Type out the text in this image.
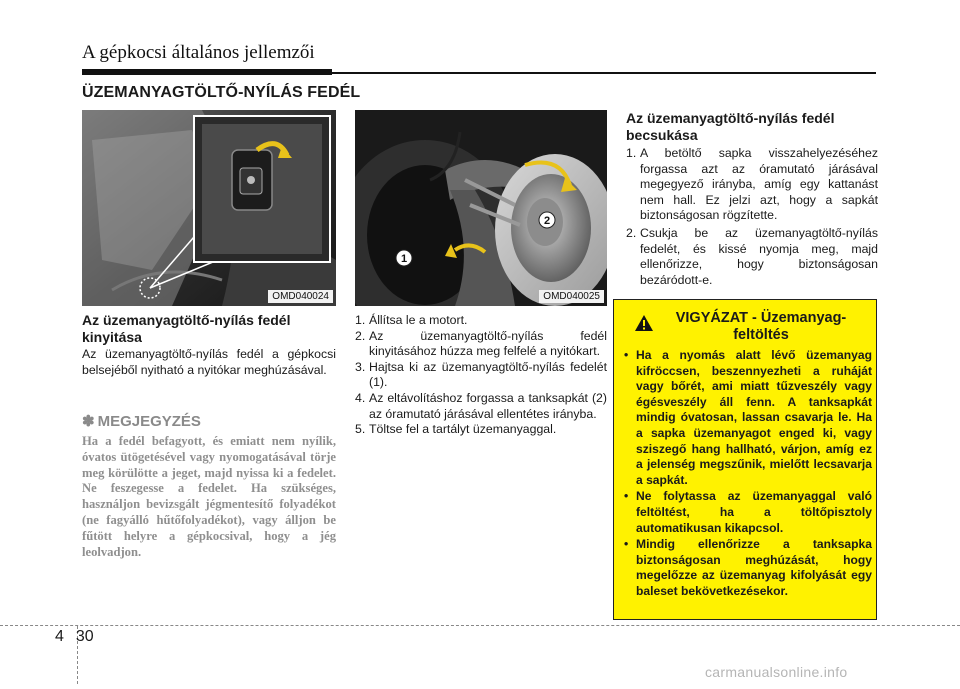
A gépkocsi általános jellemzői
ÜZEMANYAGTÖLTŐ-NYÍLÁS FEDÉL
OMD040024
1
2
OMD040025
Az üzemanyagtöltő-nyílás fedél kinyitása
Az üzemanyagtöltő-nyílás fedél a gépkocsi belsejéből nyitható a nyitókar meghúzásával.
✽ MEGJEGYZÉS
Ha a fedél befagyott, és emiatt nem nyílik, óvatos ütögetésével vagy nyomogatásával törje meg körülötte a jeget, majd nyissa ki a fedelet. Ne feszegesse a fedelet. Ha szükséges, használjon bevizsgált jégmentesítő folyadékot (ne fagyálló hűtőfolyadékot), vagy álljon be fűtött helyre a gépkocsival, hogy a jég leolvadjon.
1. Állítsa le a motort.
2. Az üzemanyagtöltő-nyílás fedél kinyitásához húzza meg felfelé a nyitókart.
3. Hajtsa ki az üzemanyagtöltő-nyílás fedelét (1).
4. Az eltávolításhoz forgassa a tanksapkát (2) az óramutató járásával ellentétes irányba.
5. Töltse fel a tartályt üzemanyaggal.
Az üzemanyagtöltő-nyílás fedél becsukása
1. A betöltő sapka visszahelyezéséhez forgassa azt az óramutató járásával megegyező irányba, amíg egy kattanást nem hall. Ez jelzi azt, hogy a sapkát biztonságosan rögzítette.
2. Csukja be az üzemanyagtöltő-nyílás fedelét, és kissé nyomja meg, majd ellenőrizze, hogy biztonságosan bezáródott-e.
VIGYÁZAT - Üzemanyag-feltöltés
• Ha a nyomás alatt lévő üzemanyag kifröccsen, beszennyezheti a ruháját vagy bőrét, ami miatt tűzveszély vagy égésveszély áll fenn. A tanksapkát mindig óvatosan, lassan csavarja le. Ha a sapka üzemanyagot enged ki, vagy sziszegő hang hallható, várjon, amíg ez a jelenség megszűnik, mielőtt lecsavarja a sapkát.
• Ne folytassa az üzemanyaggal való feltöltést, ha a töltőpisztoly automatikusan kikapcsol.
• Mindig ellenőrizze a tanksapka biztonságosan meghúzását, hogy megelőzze az üzemanyag kifolyását egy baleset bekövetkezésekor.
4 30
carmanualsonline.info
